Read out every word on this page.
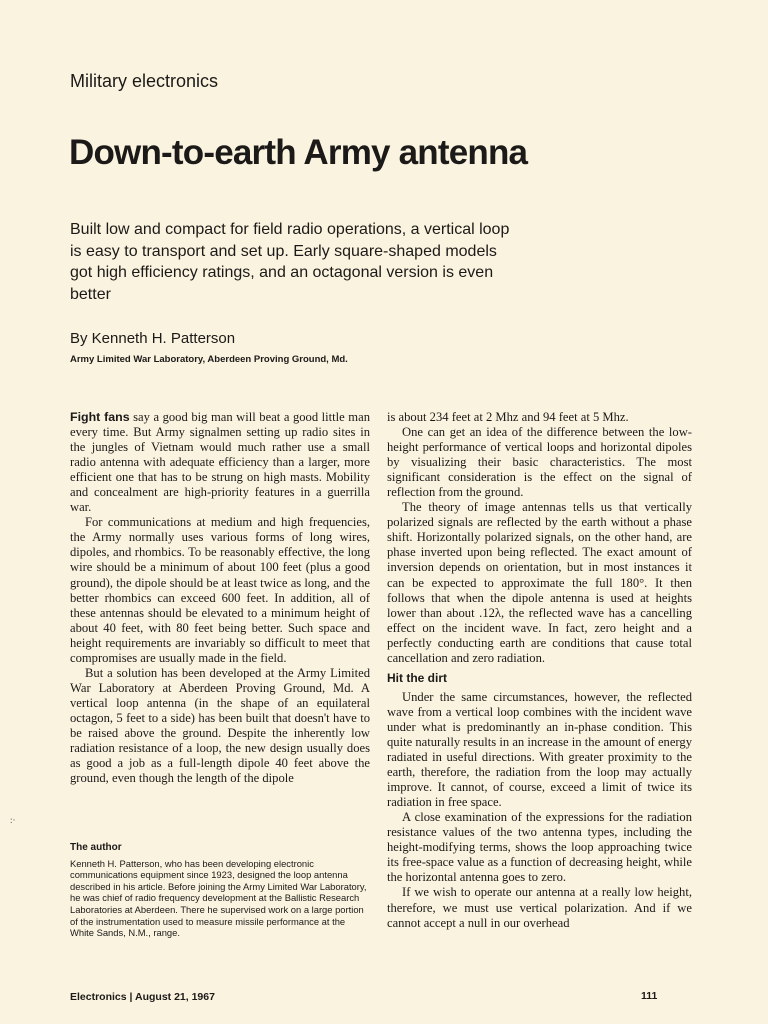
Military electronics
Down-to-earth Army antenna
Built low and compact for field radio operations, a vertical loop is easy to transport and set up. Early square-shaped models got high efficiency ratings, and an octagonal version is even better
By Kenneth H. Patterson
Army Limited War Laboratory, Aberdeen Proving Ground, Md.

Fight fans say a good big man will beat a good little man every time. But Army signalmen setting up radio sites in the jungles of Vietnam would much rather use a small radio antenna with adequate efficiency than a larger, more efficient one that has to be strung on high masts. Mobility and concealment are high-priority features in a guerrilla war.

For communications at medium and high frequencies, the Army normally uses various forms of long wires, dipoles, and rhombics. To be reasonably effective, the long wire should be a minimum of about 100 feet (plus a good ground), the dipole should be at least twice as long, and the better rhombics can exceed 600 feet. In addition, all of these antennas should be elevated to a minimum height of about 40 feet, with 80 feet being better. Such space and height requirements are invariably so difficult to meet that compromises are usually made in the field.

But a solution has been developed at the Army Limited War Laboratory at Aberdeen Proving Ground, Md. A vertical loop antenna (in the shape of an equilateral octagon, 5 feet to a side) has been built that doesn't have to be raised above the ground. Despite the inherently low radiation resistance of a loop, the new design usually does as good a job as a full-length dipole 40 feet above the ground, even though the length of the dipole

is about 234 feet at 2 Mhz and 94 feet at 5 Mhz.

One can get an idea of the difference between the low-height performance of vertical loops and horizontal dipoles by visualizing their basic characteristics. The most significant consideration is the effect on the signal of reflection from the ground.

The theory of image antennas tells us that vertically polarized signals are reflected by the earth without a phase shift. Horizontally polarized signals, on the other hand, are phase inverted upon being reflected. The exact amount of inversion depends on orientation, but in most instances it can be expected to approximate the full 180°. It then follows that when the dipole antenna is used at heights lower than about .12λ, the reflected wave has a cancelling effect on the incident wave. In fact, zero height and a perfectly conducting earth are conditions that cause total cancellation and zero radiation.

Hit the dirt

Under the same circumstances, however, the reflected wave from a vertical loop combines with the incident wave under what is predominantly an in-phase condition. This quite naturally results in an increase in the amount of energy radiated in useful directions. With greater proximity to the earth, therefore, the radiation from the loop may actually improve. It cannot, of course, exceed a limit of twice its radiation in free space.

A close examination of the expressions for the radiation resistance values of the two antenna types, including the height-modifying terms, shows the loop approaching twice its free-space value as a function of decreasing height, while the horizontal antenna goes to zero.

If we wish to operate our antenna at a really low height, therefore, we must use vertical polarization. And if we cannot accept a null in our overhead

The author
Kenneth H. Patterson, who has been developing electronic communications equipment since 1923, designed the loop antenna described in his article. Before joining the Army Limited War Laboratory, he was chief of radio frequency development at the Ballistic Research Laboratories at Aberdeen. There he supervised work on a large portion of the instrumentation used to measure missile performance at the White Sands, N.M., range.
:·
Electronics | August 21, 1967	111
